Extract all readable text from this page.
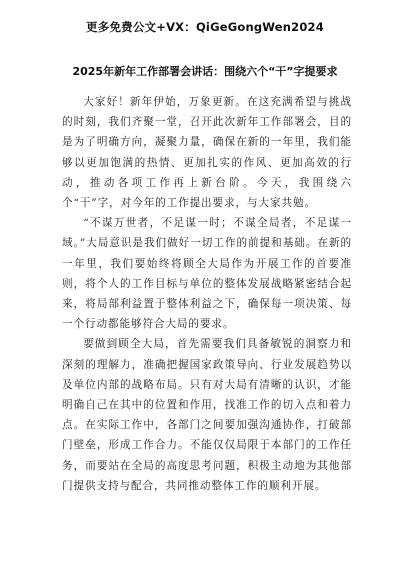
更多免费公文+VX：QiGeGongWen2024
2025年新年工作部署会讲话：围绕六个“干”字提要求

大家好！新年伊始，万象更新。在这充满希望与挑战的时刻，我们齐聚一堂，召开此次新年工作部署会，目的是为了明确方向，凝聚力量，确保在新的一年里，我们能够以更加饱满的热情、更加扎实的作风、更加高效的行动，推动各项工作再上新台阶。今天，我围绕六个“干”字，对今年的工作提出要求，与大家共勉。

“不谋万世者，不足谋一时；不谋全局者，不足谋一域。”大局意识是我们做好一切工作的前提和基础。在新的一年里，我们要始终将顾全大局作为开展工作的首要准则，将个人的工作目标与单位的整体发展战略紧密结合起来，将局部利益置于整体利益之下，确保每一项决策、每一个行动都能够符合大局的要求。

要做到顾全大局，首先需要我们具备敏锐的洞察力和深刻的理解力，准确把握国家政策导向、行业发展趋势以及单位内部的战略布局。只有对大局有清晰的认识，才能明确自己在其中的位置和作用，找准工作的切入点和着力点。在实际工作中，各部门之间要加强沟通协作，打破部门壁垒，形成工作合力。不能仅仅局限于本部门的工作任务，而要站在全局的高度思考问题，积极主动地为其他部门提供支持与配合，共同推动整体工作的顺利开展。
